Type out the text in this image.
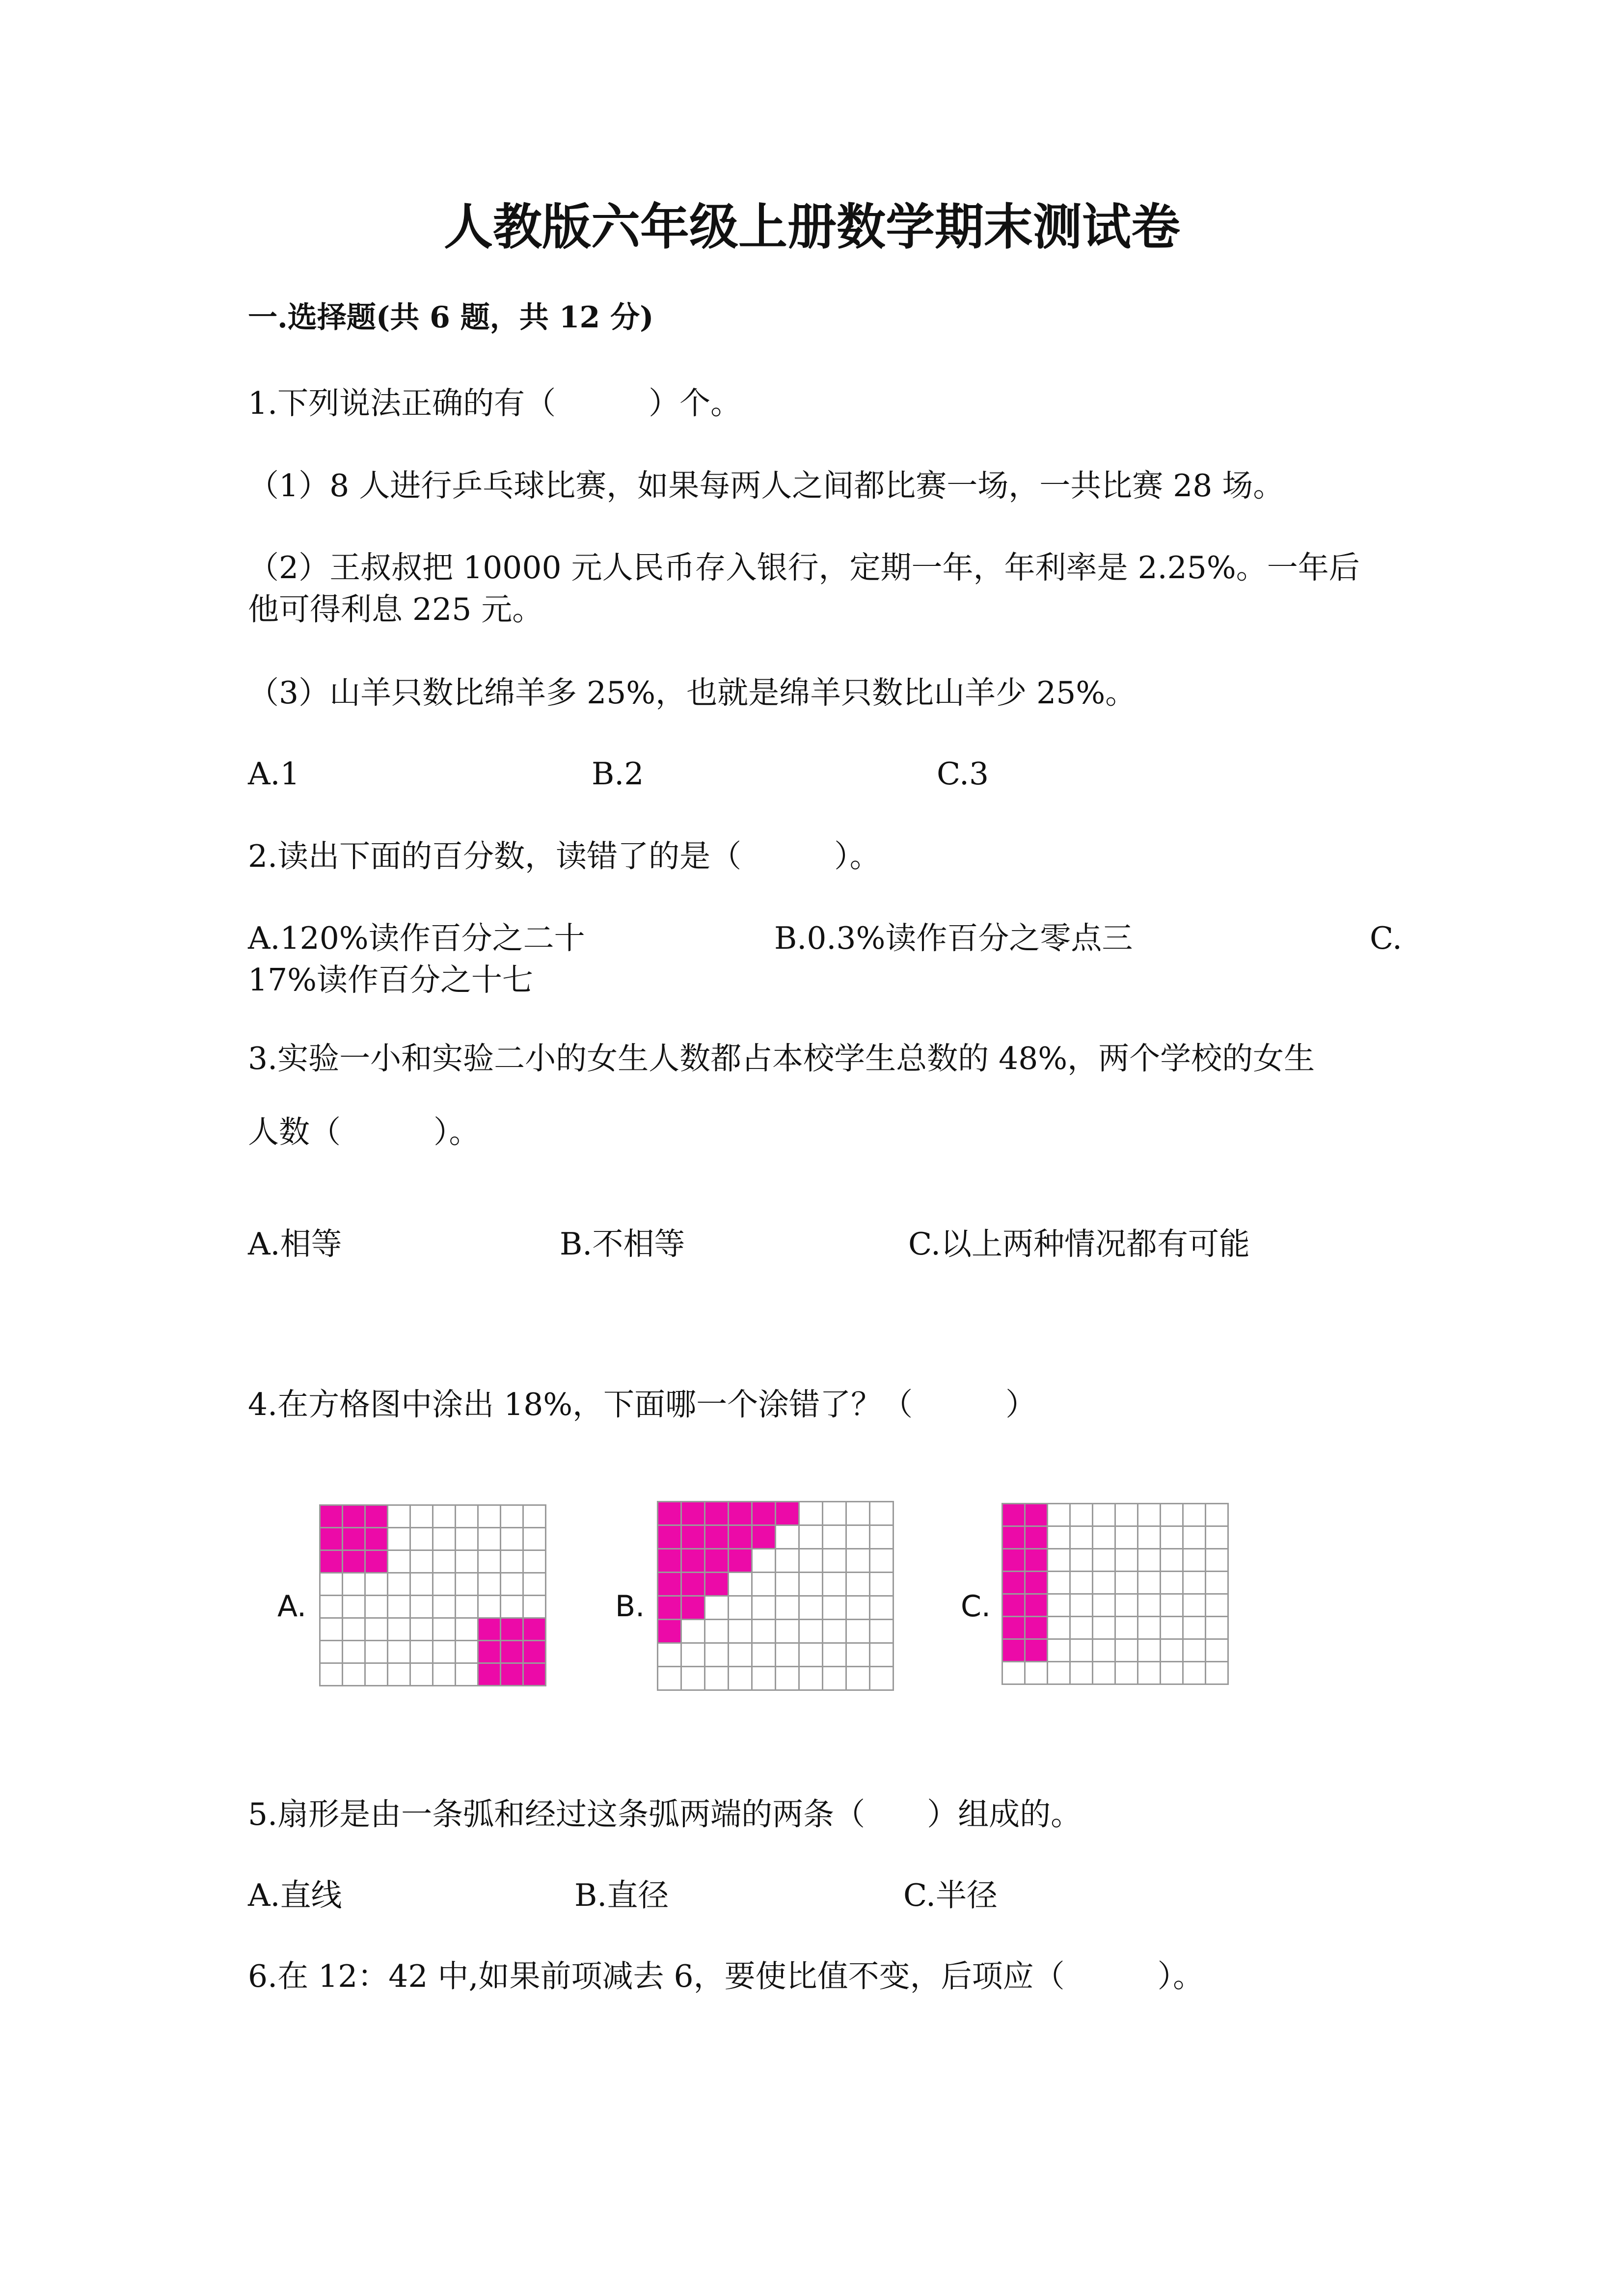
人教版六年级上册数学期末测试卷
一.选择题(共 6 题，共 12 分)
1.下列说法正确的有（　　　）个。
（1）8 人进行乒乓球比赛，如果每两人之间都比赛一场，一共比赛 28 场。
（2）王叔叔把 10000 元人民币存入银行，定期一年，年利率是 2.25%。一年后
他可得利息 225 元。
（3）山羊只数比绵羊多 25%，也就是绵羊只数比山羊少 25%。
A.1	B.2	C.3
2.读出下面的百分数，读错了的是（　　　）。
A.120%读作百分之二十	B.0.3%读作百分之零点三	C.
17%读作百分之十七
3.实验一小和实验二小的女生人数都占本校学生总数的 48%，两个学校的女生
人数（　　　）。
A.相等	B.不相等	C.以上两种情况都有可能
4.在方格图中涂出 18%，下面哪一个涂错了？（　　　）
A.	B.	C.
5.扇形是由一条弧和经过这条弧两端的两条（　　）组成的。
A.直线	B.直径	C.半径
6.在 12：42 中,如果前项减去 6，要使比值不变，后项应（　　　）。
